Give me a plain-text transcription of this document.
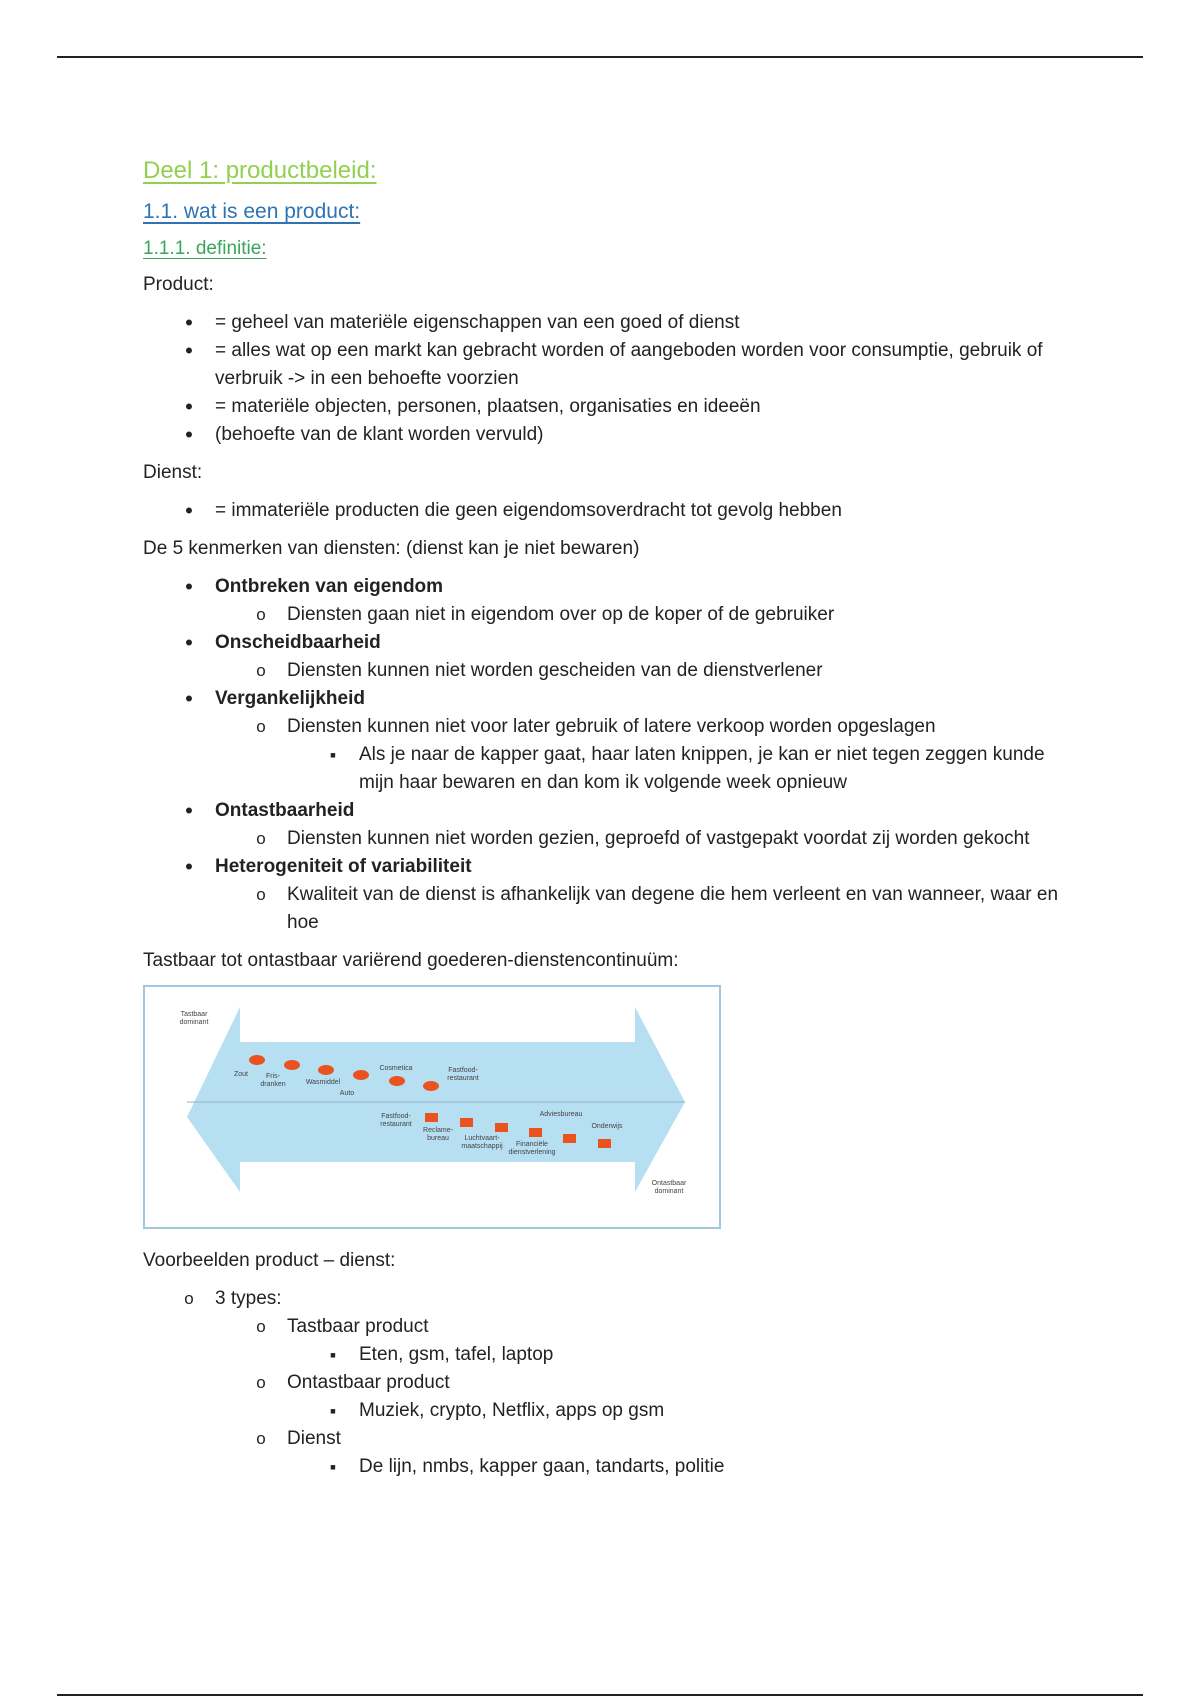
Deel 1: productbeleid:
1.1. wat is een product:
1.1.1. definitie:
Product:
•
= geheel van materiële eigenschappen van een goed of dienst
•
= alles wat op een markt kan gebracht worden of aangeboden worden voor consumptie, gebruik of verbruik -> in een behoefte voorzien
•
= materiële objecten, personen, plaatsen, organisaties en ideeën
•
(behoefte van de klant worden vervuld)
Dienst:
•
= immateriële producten die geen eigendomsoverdracht tot gevolg hebben
De 5 kenmerken van diensten: (dienst kan je niet bewaren)
•
Ontbreken van eigendom
o
Diensten gaan niet in eigendom over op de koper of de gebruiker
•
Onscheidbaarheid
o
Diensten kunnen niet worden gescheiden van de dienstverlener
•
Vergankelijkheid
o
Diensten kunnen niet voor later gebruik of latere verkoop worden opgeslagen
▪
Als je naar de kapper gaat, haar laten knippen, je kan er niet tegen zeggen kunde mijn haar bewaren en dan kom ik volgende week opnieuw
•
Ontastbaarheid
o
Diensten kunnen niet worden gezien, geproefd of vastgepakt voordat zij worden gekocht
•
Heterogeniteit of variabiliteit
o
Kwaliteit van de dienst is afhankelijk van degene die hem verleent en van wanneer, waar en hoe
Tastbaar tot ontastbaar variërend goederen-dienstencontinuüm:
Tastbaar dominant
Ontastbaar dominant
Zout	Fris-dranken	Wasmiddel
Auto
Cosmetica	Fastfood-restaurant
Fastfood-restaurant
Reclame-bureau	Luchtvaart-maatschappij	Financiële dienstverlening
Adviesbureau
Onderwijs
Voorbeelden product – dienst:
o
3 types:
o
Tastbaar product
▪
Eten, gsm, tafel, laptop
o
Ontastbaar product
▪
Muziek, crypto, Netflix, apps op gsm
o
Dienst
▪
De lijn, nmbs, kapper gaan, tandarts, politie
